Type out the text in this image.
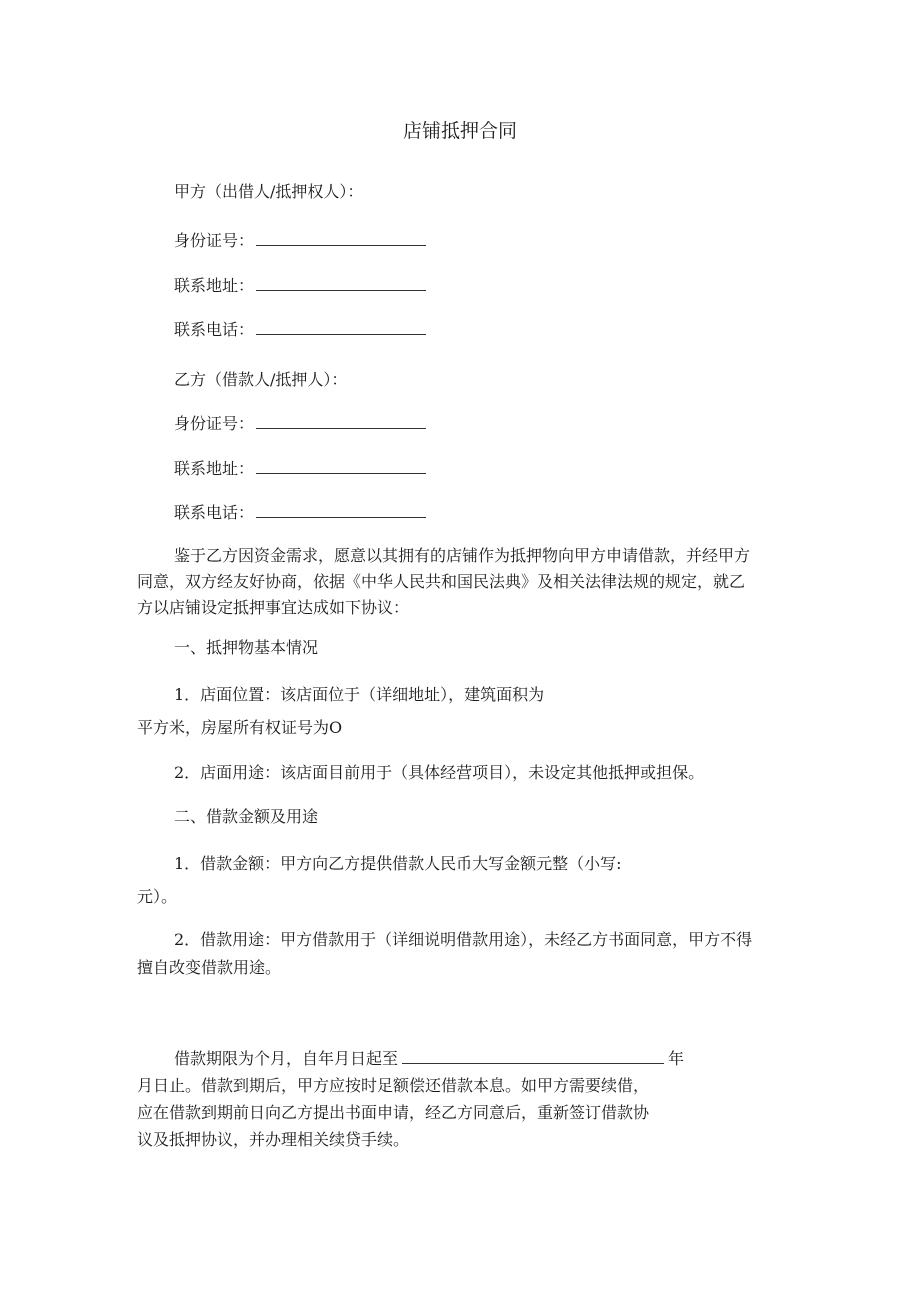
店铺抵押合同
甲方（出借人/抵押权人）：
身份证号：
联系地址：
联系电话：
乙方（借款人/抵押人）：
身份证号：
联系地址：
联系电话：
鉴于乙方因资金需求，愿意以其拥有的店铺作为抵押物向甲方申请借款，并经甲方
同意，双方经友好协商，依据《中华人民共和国民法典》及相关法律法规的规定，就乙
方以店铺设定抵押事宜达成如下协议：
一、抵押物基本情况
1．店面位置：该店面位于（详细地址），建筑面积为
平方米，房屋所有权证号为O
2．店面用途：该店面目前用于（具体经营项目），未设定其他抵押或担保。
二、借款金额及用途
1．借款金额：甲方向乙方提供借款人民币大写金额元整（小写:
元）。
2．借款用途：甲方借款用于（详细说明借款用途），未经乙方书面同意，甲方不得
擅自改变借款用途。
借款期限为个月，自年月日起至	年
月日止。借款到期后，甲方应按时足额偿还借款本息。如甲方需要续借，
应在借款到期前日向乙方提出书面申请，经乙方同意后，重新签订借款协
议及抵押协议，并办理相关续贷手续。
